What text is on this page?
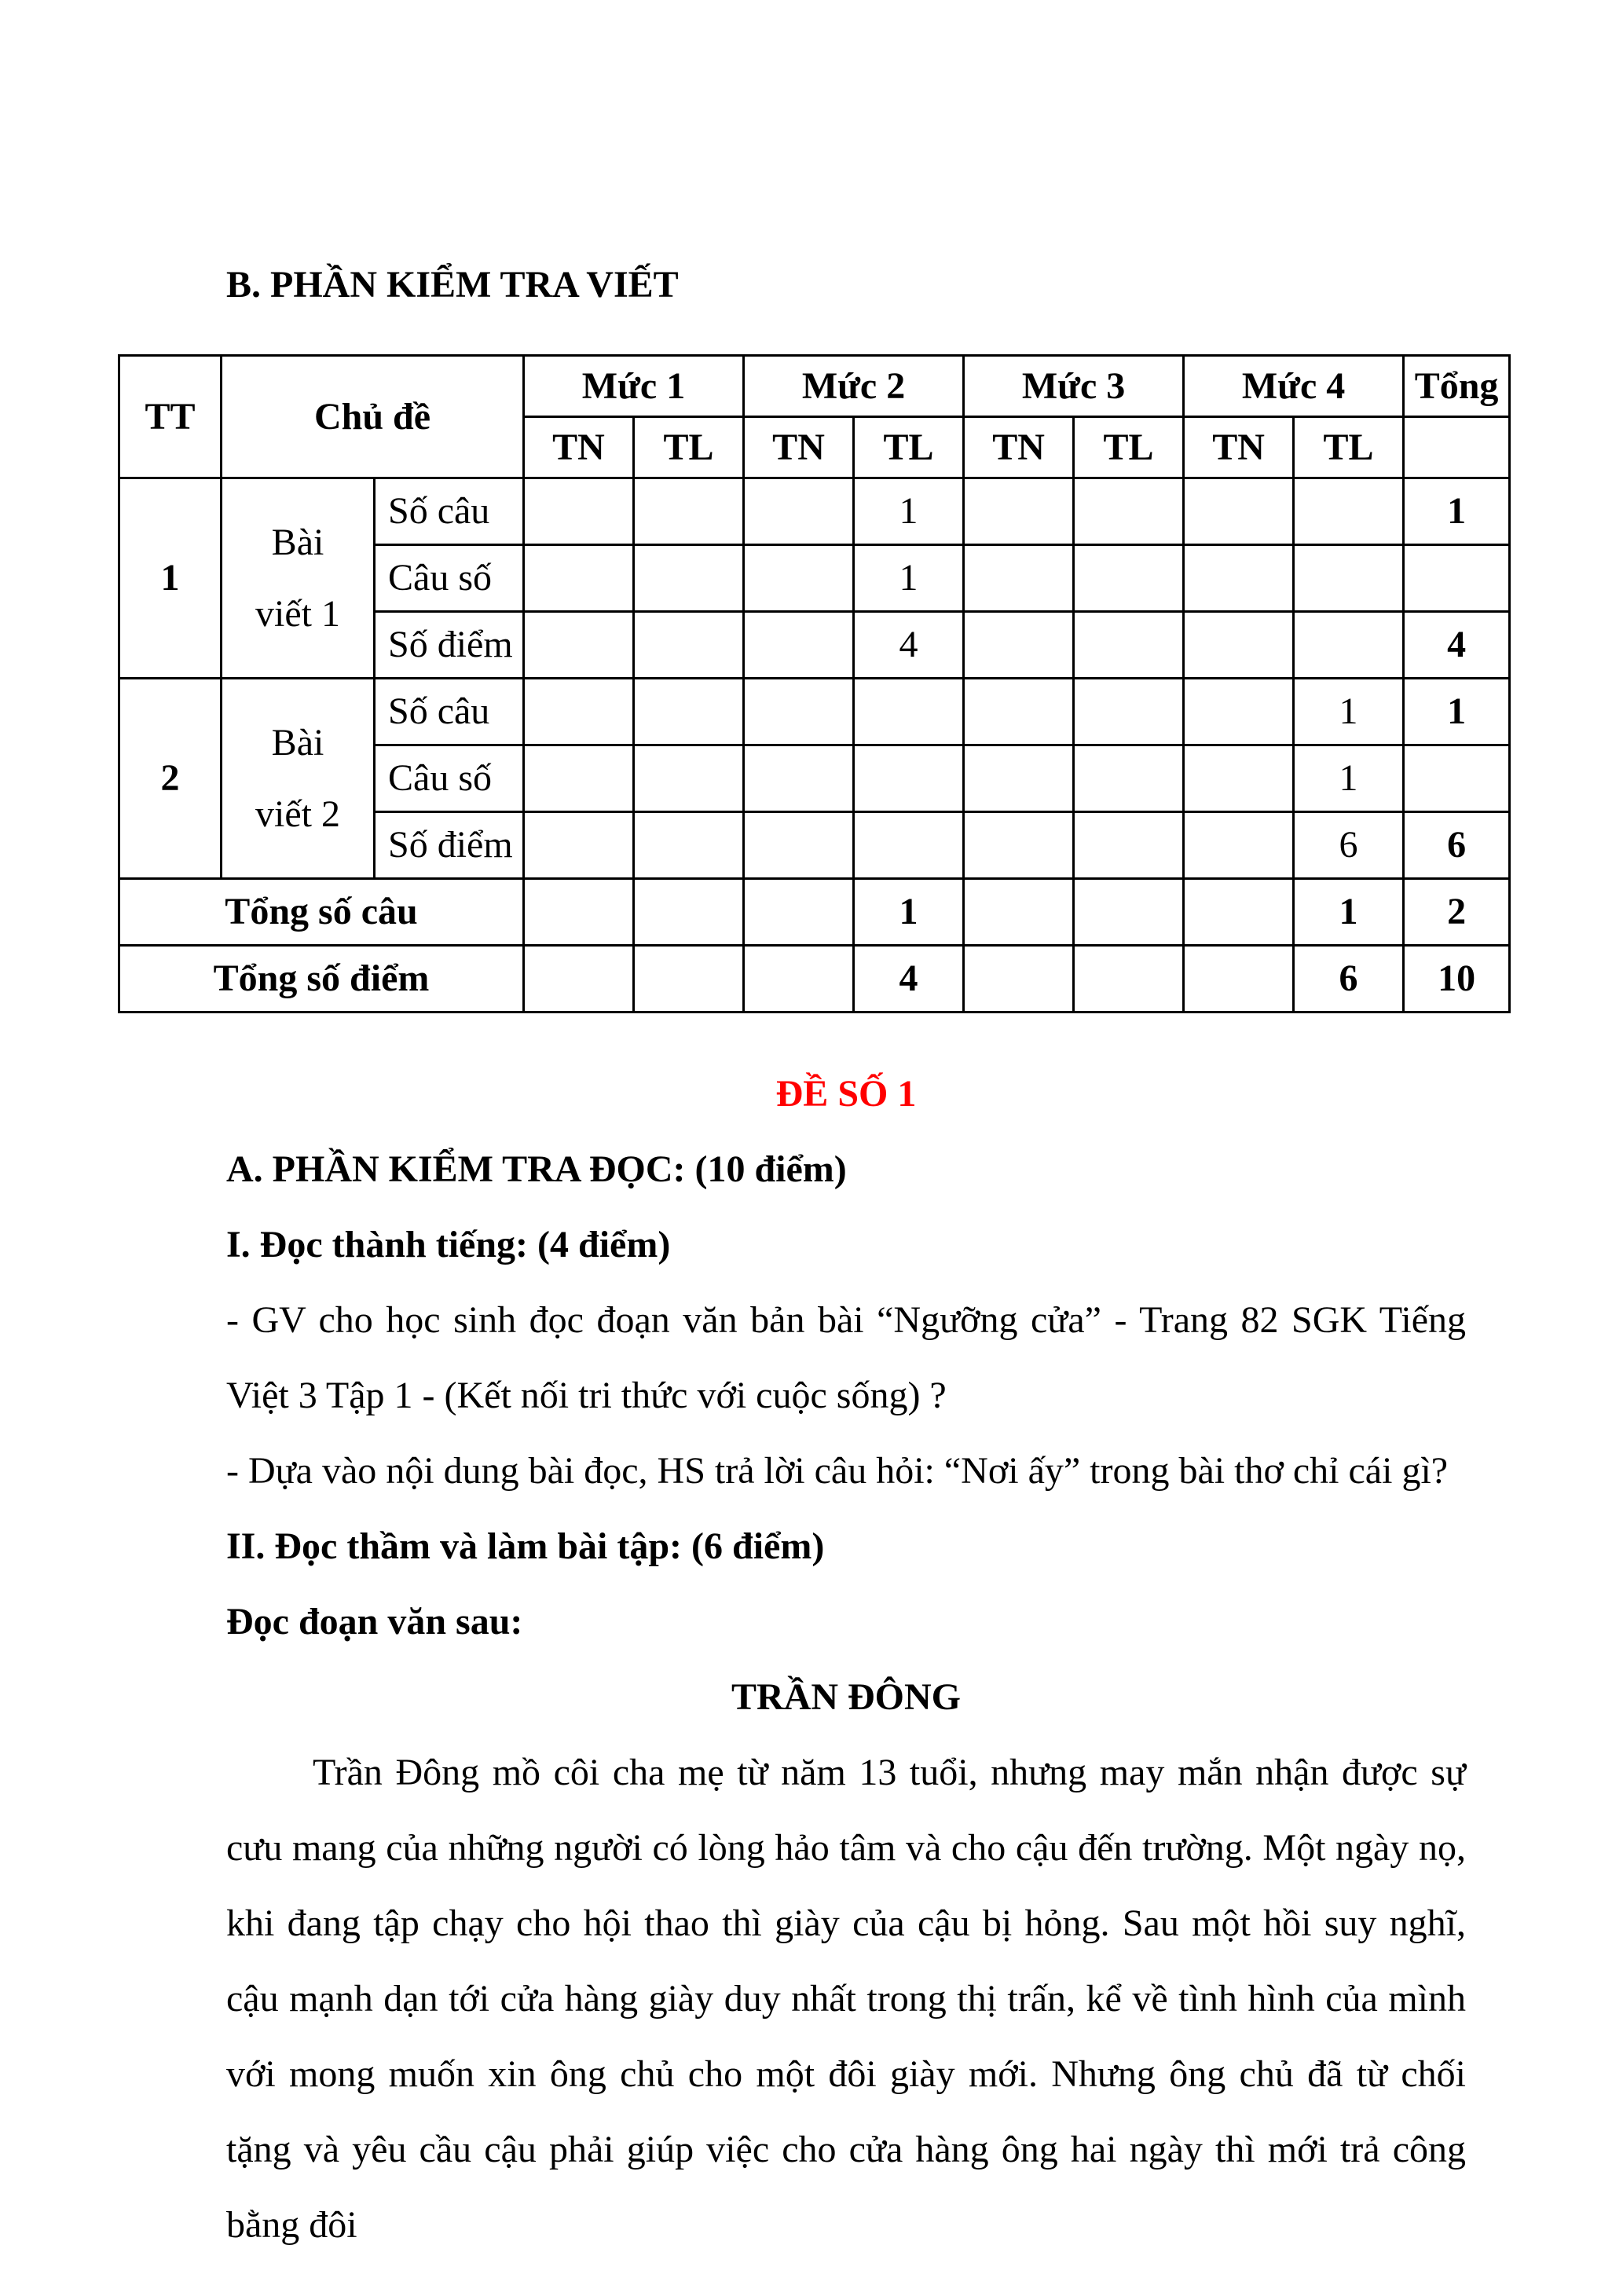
B. PHẦN KIỂM TRA VIẾT

TT	Chủ đề		Mức 1		Mức 2		Mức 3		Mức 4		Tổng
			TN	TL	TN	TL	TN	TL	TN	TL	
1	Bài viết 1	Số câu				1					1
		Câu số				1					
		Số điểm				4					4
2	Bài viết 2	Số câu								1	1
		Câu số								1	
		Số điểm								6	6
Tổng số câu						1				1	2
Tổng số điểm						4				6	10

ĐỀ SỐ 1

A. PHẦN KIỂM TRA ĐỌC: (10 điểm)

I. Đọc thành tiếng: (4 điểm)

- GV cho học sinh đọc đoạn văn bản bài “Ngưỡng cửa” - Trang 82 SGK Tiếng Việt 3 Tập 1 - (Kết nối tri thức với cuộc sống) ?

- Dựa vào nội dung bài đọc, HS trả lời câu hỏi: “Nơi ấy” trong bài thơ chỉ cái gì?

II. Đọc thầm và làm bài tập: (6 điểm)

Đọc đoạn văn sau:

TRẦN ĐÔNG

Trần Đông mồ côi cha mẹ từ năm 13 tuổi, nhưng may mắn nhận được sự cưu mang của những người có lòng hảo tâm và cho cậu đến trường. Một ngày nọ, khi đang tập chạy cho hội thao thì giày của cậu bị hỏng. Sau một hồi suy nghĩ, cậu mạnh dạn tới cửa hàng giày duy nhất trong thị trấn, kể về tình hình của mình với mong muốn xin ông chủ cho một đôi giày mới. Nhưng ông chủ đã từ chối tặng và yêu cầu cậu phải giúp việc cho cửa hàng ông hai ngày thì mới trả công bằng đôi
